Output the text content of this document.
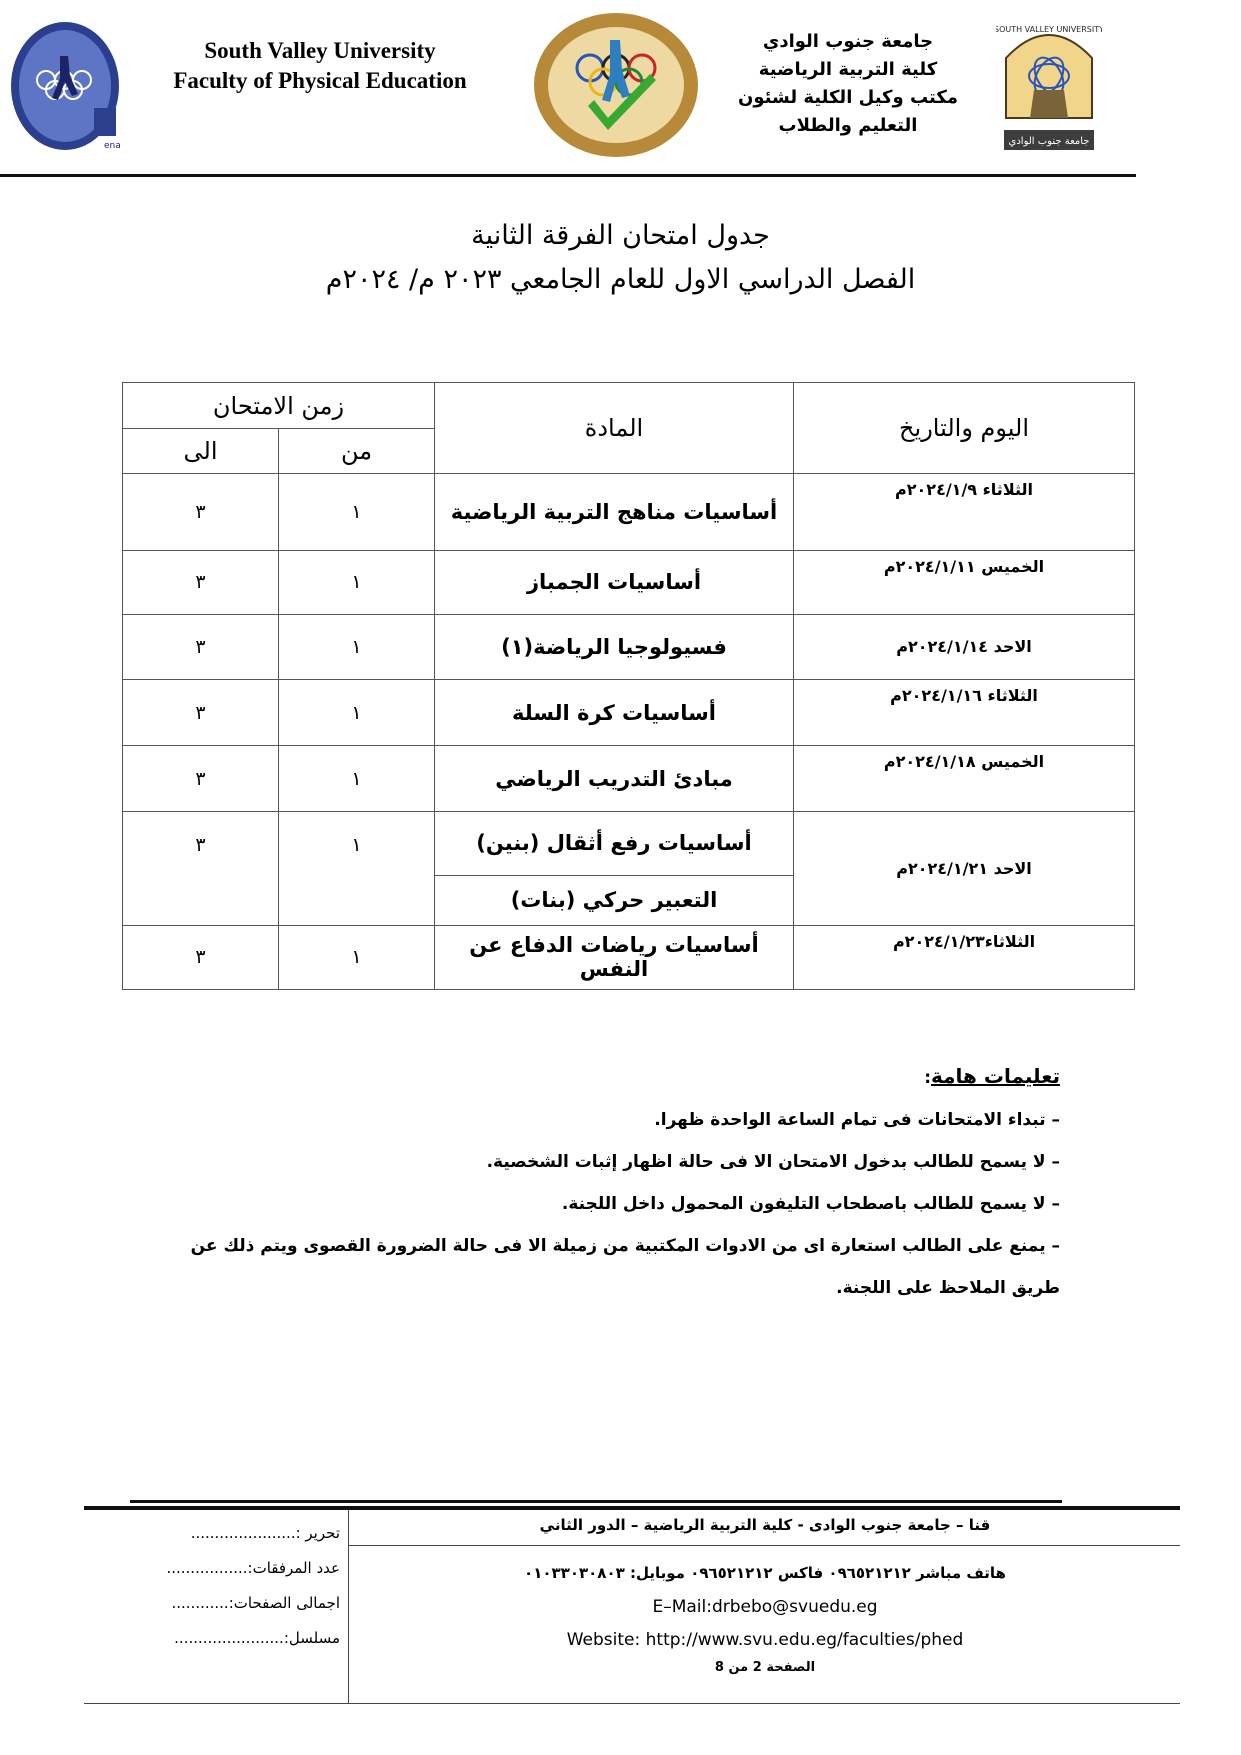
ena
South Valley University
Faculty of Physical Education
جامعة جنوب الوادي
كلية التربية الرياضية
مكتب وكيل الكلية لشئون
التعليم والطلاب
جامعة جنوب الوادي
SOUTH VALLEY UNIVERSITY
جدول امتحان الفرقة الثانية
الفصل الدراسي الاول للعام الجامعي ٢٠٢٣ م/ ٢٠٢٤م
زمن الامتحان		المادة	اليوم والتاريخ
الى	من		
٣	١	أساسيات مناهج التربية الرياضية	الثلاثاء ٢٠٢٤/١/٩م
٣	١	أساسيات الجمباز	الخميس ٢٠٢٤/١/١١م
٣	١	فسيولوجيا الرياضة(١)	الاحد ٢٠٢٤/١/١٤م
٣	١	أساسيات كرة السلة	الثلاثاء ٢٠٢٤/١/١٦م
٣	١	مبادئ التدريب الرياضي	الخميس ٢٠٢٤/١/١٨م
٣	١	أساسيات رفع أثقال (بنين)	الاحد ٢٠٢٤/١/٢١م
		التعبير حركي (بنات)	
٣	١	أساسيات رياضات الدفاع عن النفس	الثلاثاء٢٠٢٤/١/٢٣م
تعليمات هامة:
– تبداء الامتحانات فى تمام الساعة الواحدة ظهرا.
– لا يسمح للطالب بدخول الامتحان الا فى حالة اظهار إثبات الشخصية.
– لا يسمح للطالب باصطحاب التليفون المحمول داخل اللجنة.
– يمنع على الطالب استعارة اى من الادوات المكتبية من زميلة الا فى حالة الضرورة القصوى ويتم ذلك عن طريق الملاحظ على اللجنة.
تحرير :......................
عدد المرفقات:.................
اجمالى الصفحات:............
مسلسل:.......................
قنا – جامعة جنوب الوادى - كلية التربية الرياضية – الدور الثاني
هاتف مباشر ٠٩٦٥٢١٢١٢ فاكس ٠٩٦٥٢١٢١٢ موبايل: ٠١٠٣٣٠٣٠٨٠٣
E–Mail:drbebo@svuedu.eg
Website: http://www.svu.edu.eg/faculties/phed
الصفحة 2 من 8
